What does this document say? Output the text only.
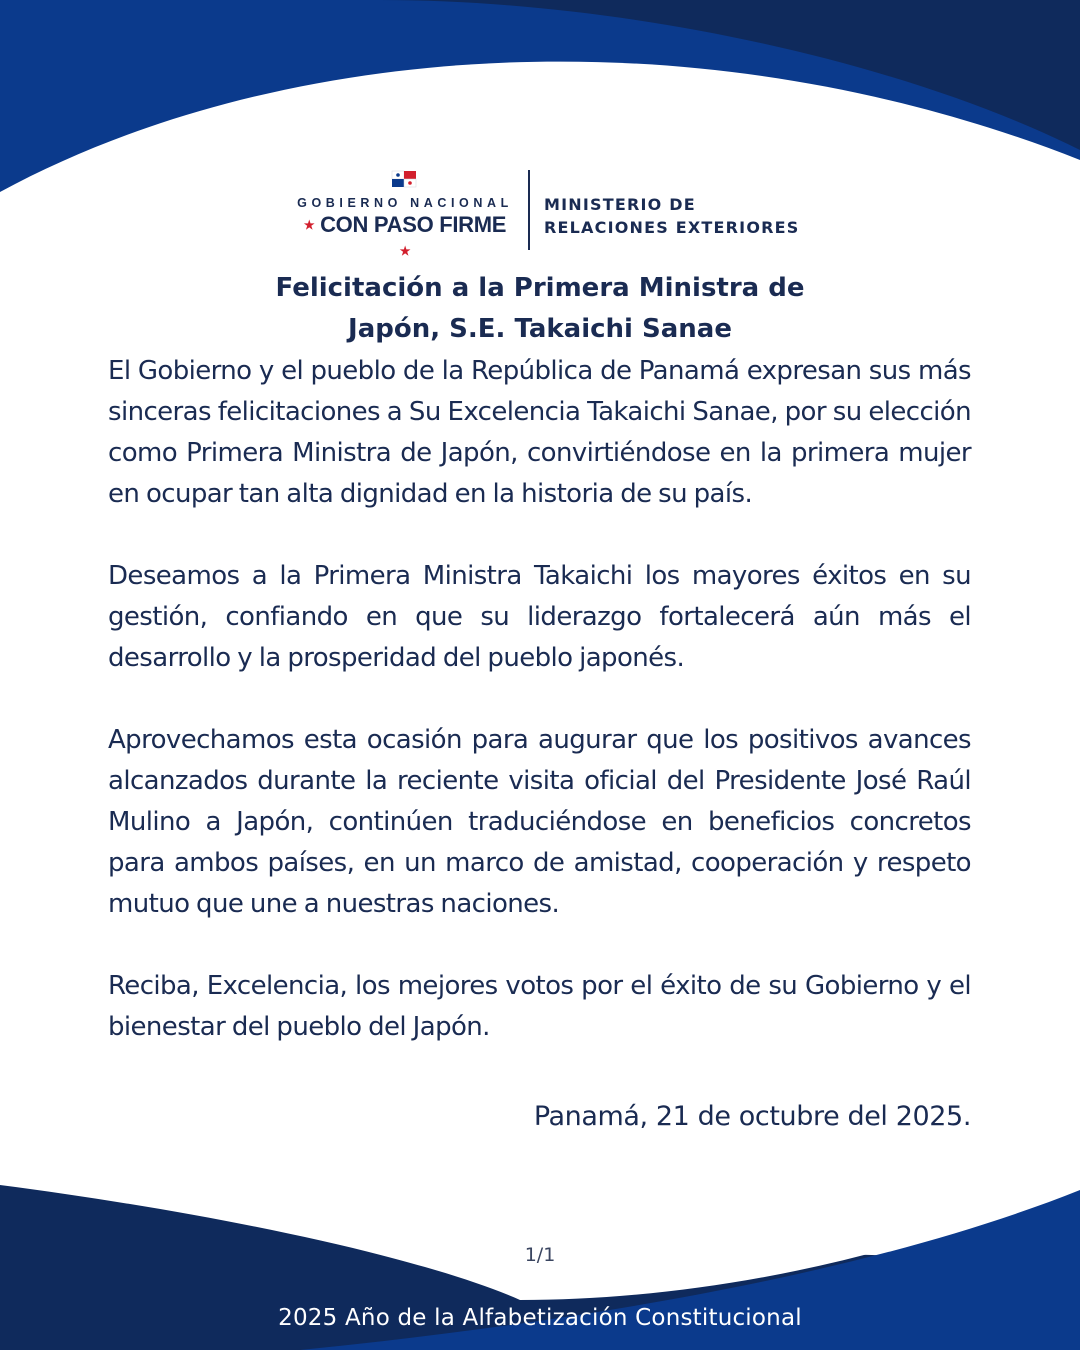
GOBIERNO NACIONAL
★ CON PASO FIRME ★
MINISTERIO DE
RELACIONES EXTERIORES
Felicitación a la Primera Ministra de
Japón, S.E. Takaichi Sanae

El Gobierno y el pueblo de la República de Panamá expresan sus más sinceras felicitaciones a Su Excelencia Takaichi Sanae, por su elección como Primera Ministra de Japón, convirtiéndose en la primera mujer en ocupar tan alta dignidad en la historia de su país.

Deseamos a la Primera Ministra Takaichi los mayores éxitos en su gestión, confiando en que su liderazgo fortalecerá aún más el desarrollo y la prosperidad del pueblo japonés.

Aprovechamos esta ocasión para augurar que los positivos avances alcanzados durante la reciente visita oficial del Presidente José Raúl Mulino a Japón, continúen traduciéndose en beneficios concretos para ambos países, en un marco de amistad, cooperación y respeto mutuo que une a nuestras naciones.

Reciba, Excelencia, los mejores votos por el éxito de su Gobierno y el bienestar del pueblo del Japón.

Panamá, 21 de octubre del 2025.
1/1
2025 Año de la Alfabetización Constitucional
